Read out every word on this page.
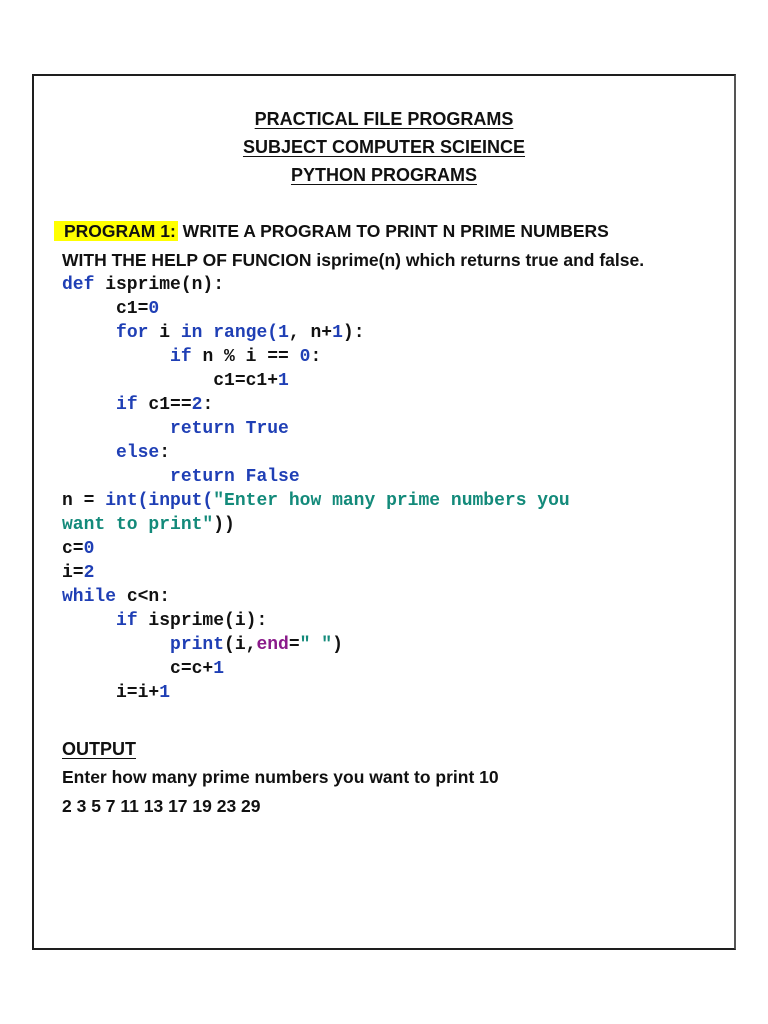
PRACTICAL FILE PROGRAMS
SUBJECT COMPUTER SCIEINCE
PYTHON PROGRAMS
PROGRAM 1: WRITE A PROGRAM TO PRINT N PRIME NUMBERS
WITH THE HELP OF FUNCION isprime(n) which returns true and false.
def isprime(n):
c1=0
for i in range(1, n+1):
if n % i == 0:
c1=c1+1
if c1==2:
return True
else:
return False
n = int(input("Enter how many prime numbers you
want to print"))
c=0
i=2
while c<n:
if isprime(i):
print(i,end=" ")
c=c+1
i=i+1
OUTPUT
Enter how many prime numbers you want to print 10
2 3 5 7 11 13 17 19 23 29
